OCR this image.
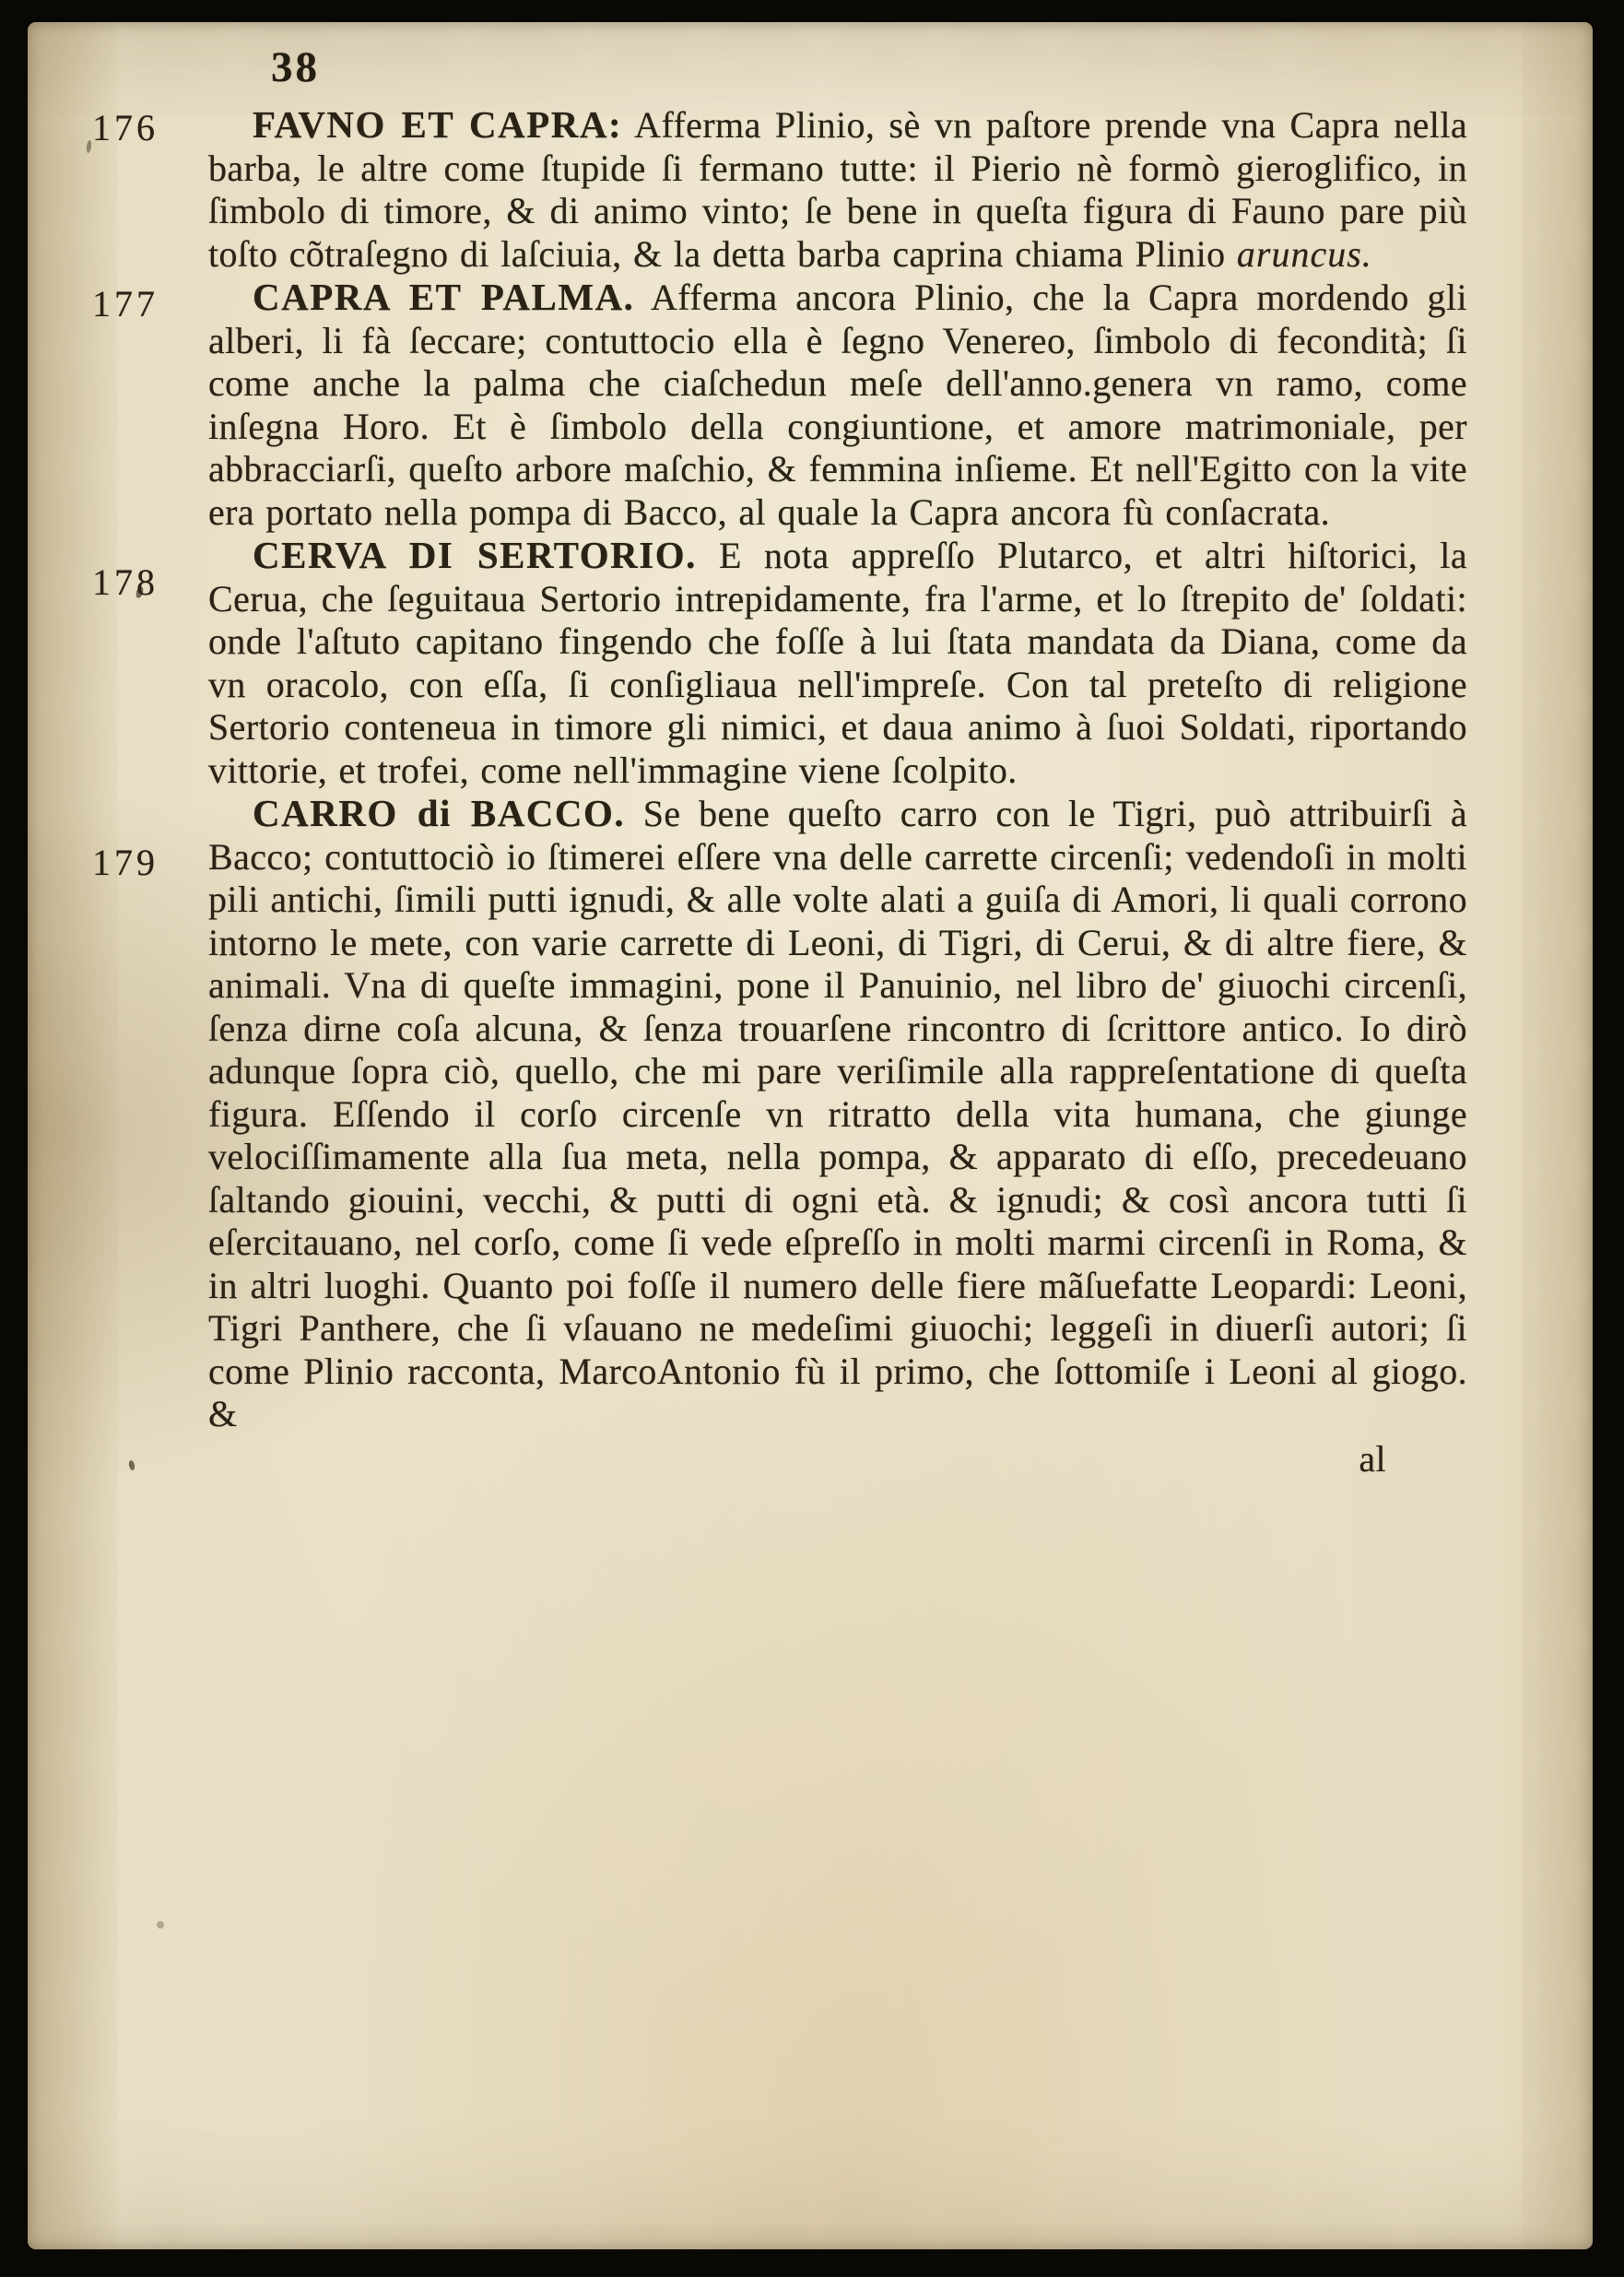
38
176 FAVNO ET CAPRA: Afferma Plinio, sè vn paſtore prende vna Capra nella barba, le altre come ſtupide ſi fermano tutte: il Pierio nè formò gieroglifico, in ſimbolo di timore, & di animo vinto; ſe bene in queſta figura di Fauno pare più toſto cõtraſegno di laſciuia, & la detta barba caprina chiama Plinio aruncus.
177 CAPRA ET PALMA. Afferma ancora Plinio, che la Capra mordendo gli alberi, li fà ſeccare; contuttocio ella è ſegno Venereo, ſimbolo di fecondità; ſi come anche la palma che ciaſchedun meſe dell'anno.genera vn ramo, come inſegna Horo. Et è ſimbolo della congiuntione, et amore matrimoniale, per abbracciarſi, queſto arbore maſchio, & femmina inſieme. Et nell'Egitto con la vite era portato nella pompa di Bacco, al quale la Capra ancora fù conſacrata.
178
CERVA DI SERTORIO. E nota appreſſo Plutarco, et altri hiſtorici, la Cerua, che ſeguitaua Sertorio intrepidamente, fra l'arme, et lo ſtrepito de' ſoldati: onde l'aſtuto capitano fingendo che foſſe à lui ſtata mandata da Diana, come da vn oracolo, con eſſa, ſi conſigliaua nell'impreſe. Con tal preteſto di religione Sertorio conteneua in timore gli nimici, et daua animo à ſuoi Soldati, riportando vittorie, et trofei, come nell'immagine viene ſcolpito.
179
CARRO di BACCO. Se bene queſto carro con le Tigri, può attribuirſi à Bacco; contuttociò io ſtimerei eſſere vna delle carrette circenſi; vedendoſi in molti pili antichi, ſimili putti ignudi, & alle volte alati a guiſa di Amori, li quali corrono intorno le mete, con varie carrette di Leoni, di Tigri, di Cerui, & di altre fiere, & animali. Vna di queſte immagini, pone il Panuinio, nel libro de' giuochi circenſi, ſenza dirne coſa alcuna, & ſenza trouarſene rincontro di ſcrittore antico. Io dirò adunque ſopra ciò, quello, che mi pare veriſimile alla rappreſentatione di queſta figura. Eſſendo il corſo circenſe vn ritratto della vita humana, che giunge velociſſimamente alla ſua meta, nella pompa, & apparato di eſſo, precedeuano ſaltando giouini, vecchi, & putti di ogni età. & ignudi; & così ancora tutti ſi eſercitauano, nel corſo, come ſi vede eſpreſſo in molti marmi circenſi in Roma, & in altri luoghi. Quanto poi foſſe il numero delle fiere mãſuefatte Leopardi: Leoni, Tigri Panthere, che ſi vſauano ne medeſimi giuochi; leggeſi in diuerſi autori; ſi come Plinio racconta, MarcoAntonio fù il primo, che ſottomiſe i Leoni al giogo. &
al
